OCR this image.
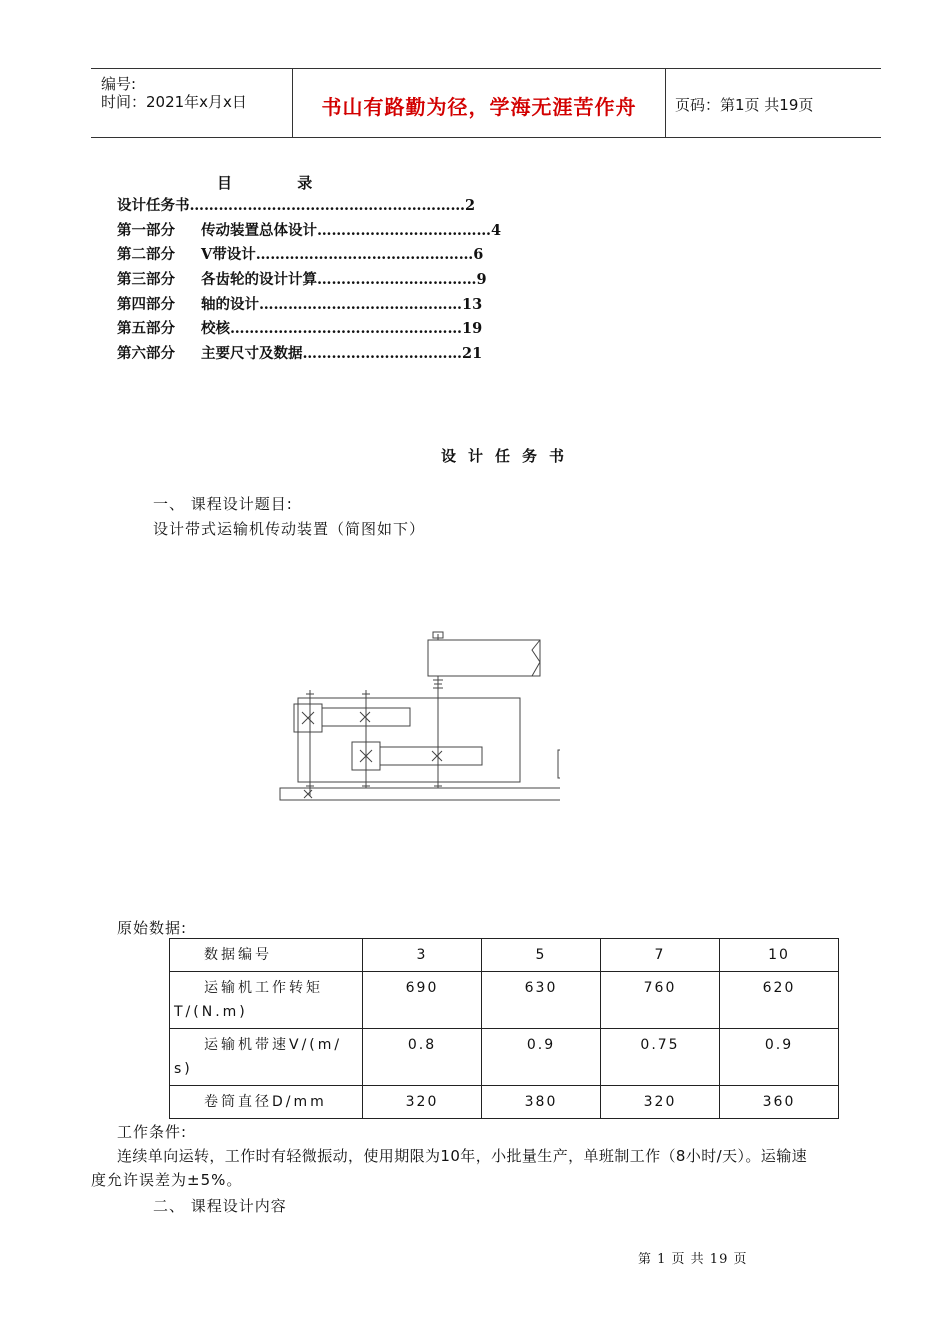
编号:
时间：2021年x月x日	书山有路勤为径，学海无涯苦作舟	页码：第1页 共19页
目 录
设计任务书…………………………………………………2
第一部分 传动装置总体设计………………………………4
第二部分 V带设计………………………………………6
第三部分 各齿轮的设计计算……………………………9
第四部分 轴的设计……………………………………13
第五部分 校核…………………………………………19
第六部分 主要尺寸及数据……………………………21
设计任务书
一、 课程设计题目:
设计带式运输机传动装置（简图如下）
原始数据:
数据编号	3	5	7	10
运输机工作转矩T/(N.m)	690	630	760	620
运输机带速V/(m/s)	0.8	0.9	0.75	0.9
卷筒直径D/mm	320	380	320	360
工作条件:
连续单向运转，工作时有轻微振动，使用期限为10年，小批量生产，单班制工作（8小时/天）。运输速
度允许误差为±5%。
二、 课程设计内容
第 1 页 共 19 页
